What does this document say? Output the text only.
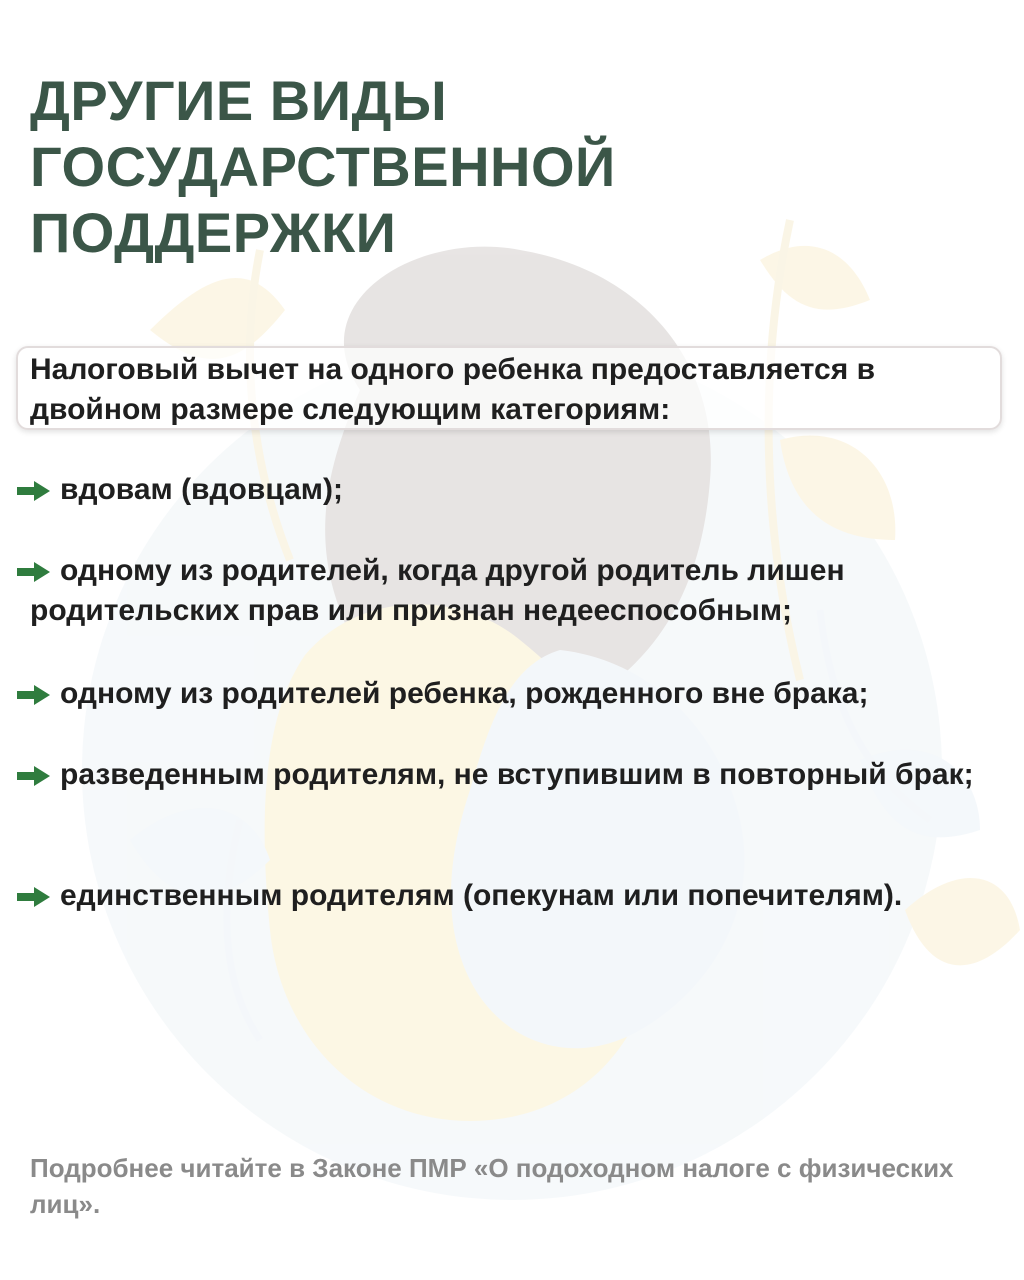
ДРУГИЕ ВИДЫ ГОСУДАРСТВЕННОЙ
ПОДДЕРЖКИ
Налоговый вычет на одного ребенка предоставляется в двойном размере следующим категориям:

вдовам (вдовцам);

одному из родителей, когда другой родитель лишен родительских прав или признан недееспособным;

одному из родителей ребенка, рожденного вне брака;

разведенным родителям, не вступившим в повторный брак;

единственным родителям (опекунам или попечителям).

Подробнее читайте в Законе ПМР «О подоходном налоге с физических лиц».
